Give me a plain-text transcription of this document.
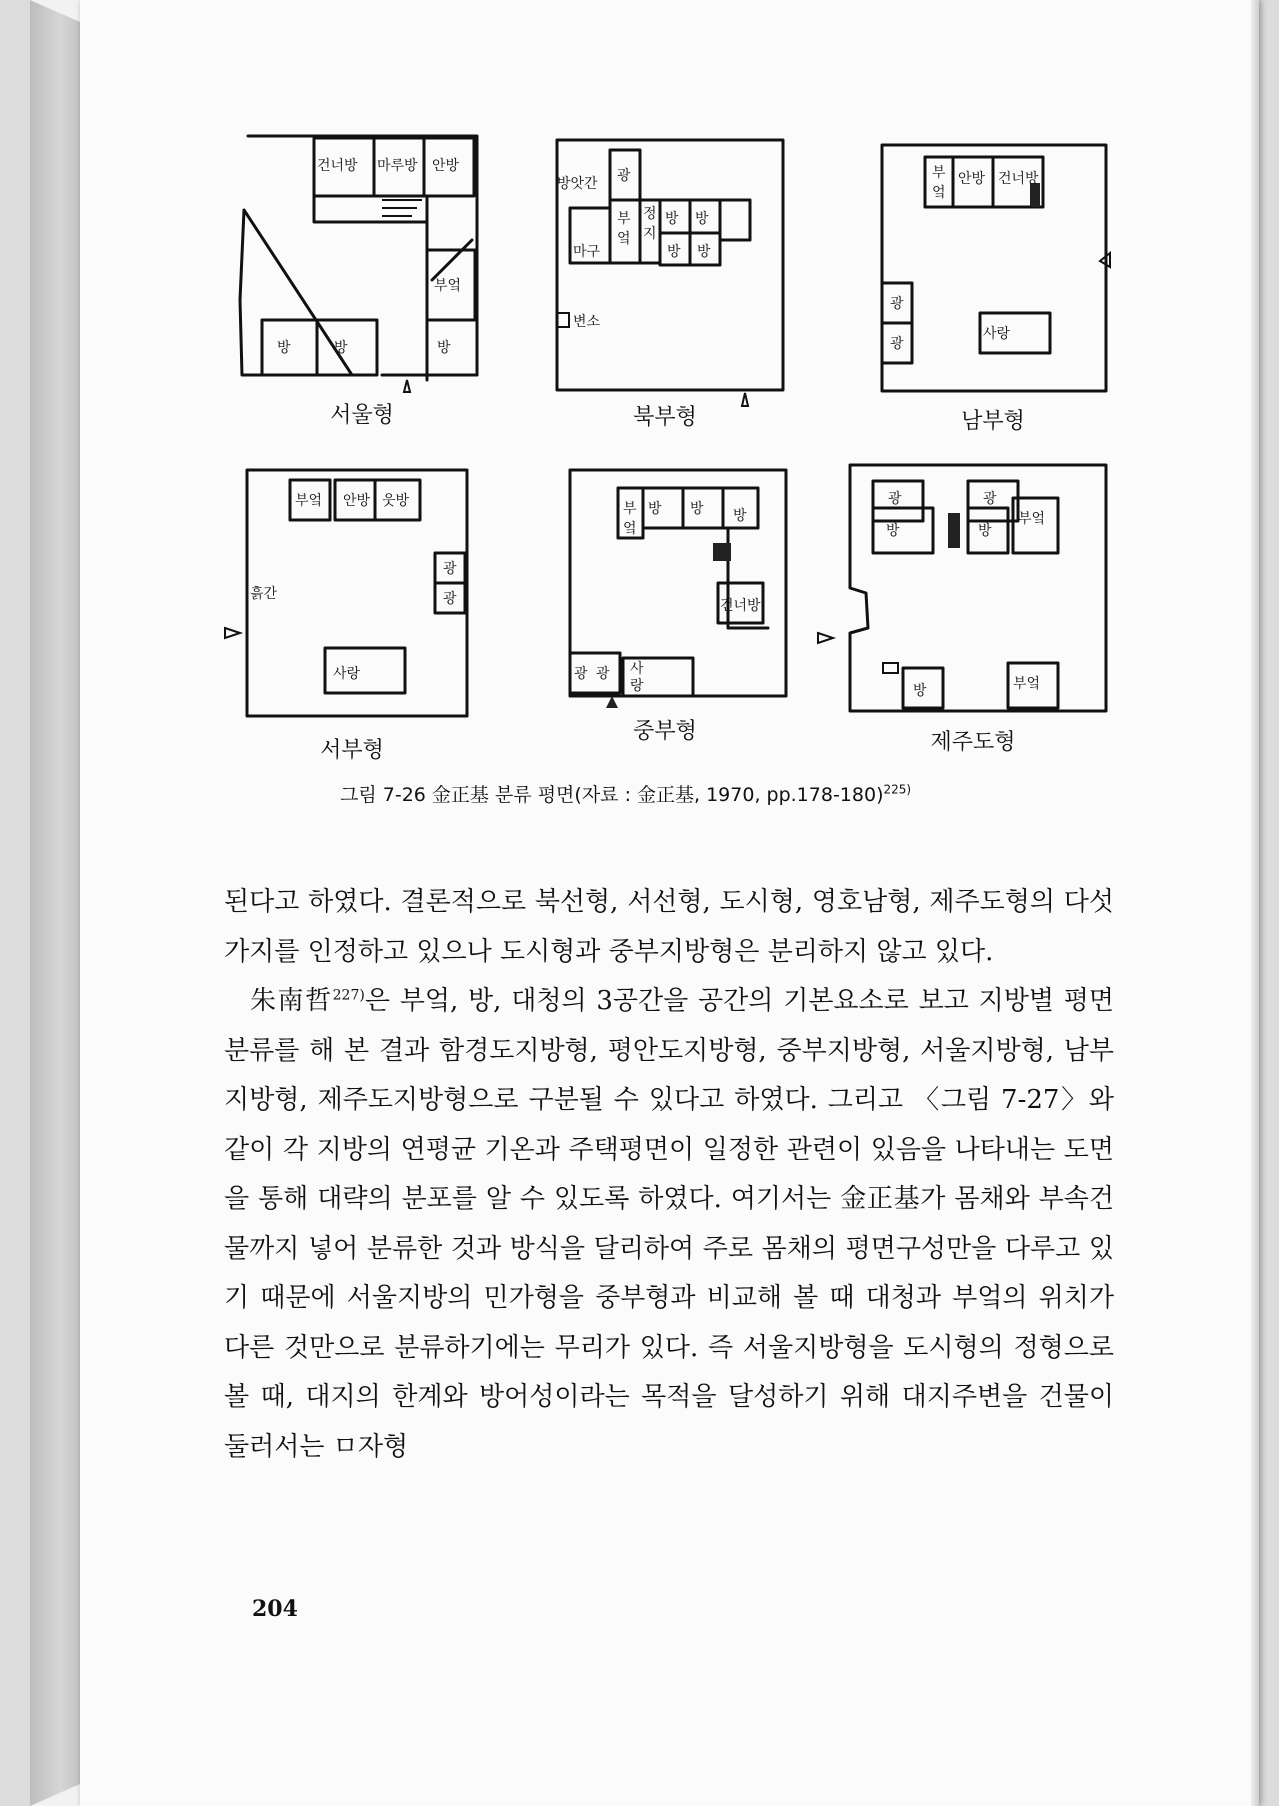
건너방 마루방 안방
부엌
방	방	방
서울형
방앗간 광
부
엌
정
지
방 방
방 방
마구
변소
북부형
부
엌
안방 건너방
광
광
사랑
남부형
부엌 안방 웃방
광
광
흙간
사랑
서부형
부
엌
방 방 방
건너방
광 광 사
랑
중부형
광
방
광
방
부엌
방	부엌
제주도형
그림 7-26 金正基 분류 평면(자료 : 金正基, 1970, pp.178-180)$^{225)}$

된다고 하였다. 결론적으로 북선형, 서선형, 도시형, 영호남형, 제주도형의 다섯 가지를 인정하고 있으나 도시형과 중부지방형은 분리하지 않고 있다.

朱南哲$^{227)}$은 부엌, 방, 대청의 3공간을 공간의 기본요소로 보고 지방별 평면분류를 해 본 결과 함경도지방형, 평안도지방형, 중부지방형, 서울지방형, 남부지방형, 제주도지방형으로 구분될 수 있다고 하였다. 그리고 〈그림 7-27〉와 같이 각 지방의 연평균 기온과 주택평면이 일정한 관련이 있음을 나타내는 도면을 통해 대략의 분포를 알 수 있도록 하였다. 여기서는 金正基가 몸채와 부속건물까지 넣어 분류한 것과 방식을 달리하여 주로 몸채의 평면구성만을 다루고 있기 때문에 서울지방의 민가형을 중부형과 비교해 볼 때 대청과 부엌의 위치가 다른 것만으로 분류하기에는 무리가 있다. 즉 서울지방형을 도시형의 정형으로 볼 때, 대지의 한계와 방어성이라는 목적을 달성하기 위해 대지주변을 건물이 둘러서는 ㅁ자형

204
